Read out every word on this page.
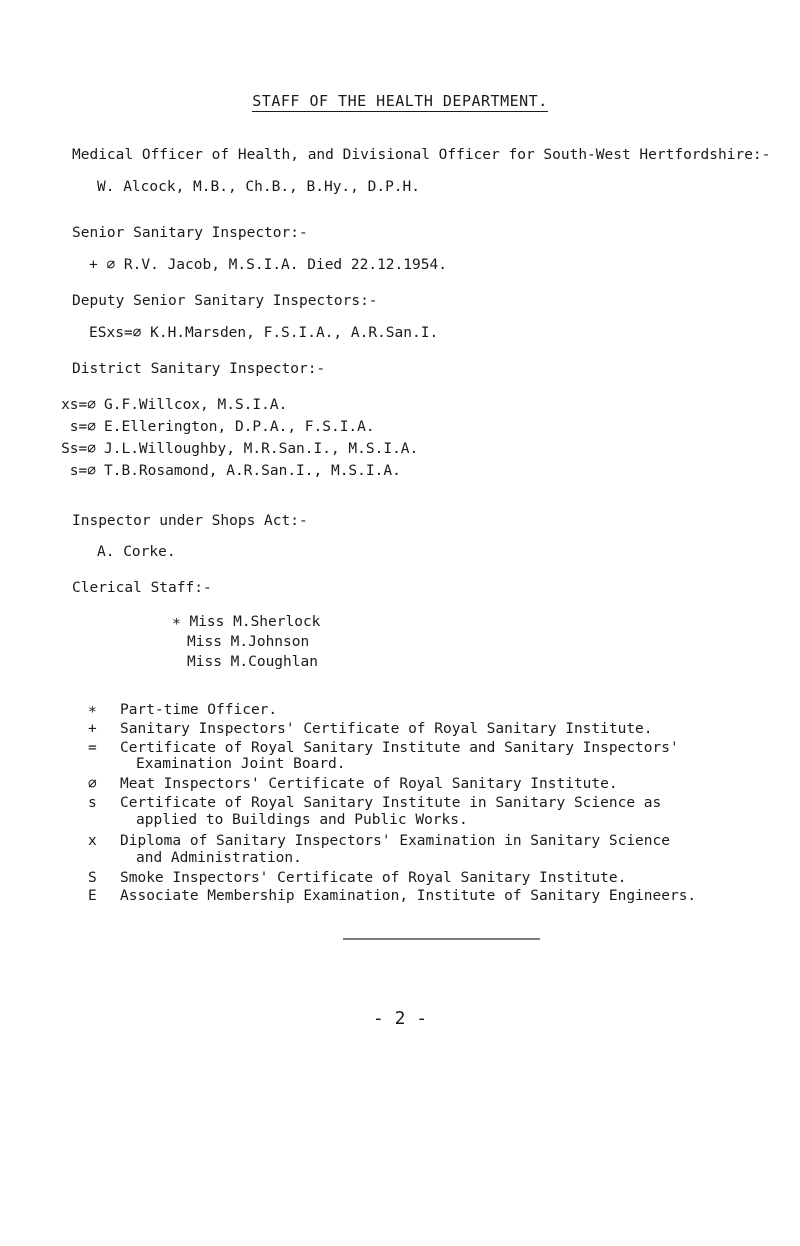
STAFF OF THE HEALTH DEPARTMENT.
Medical Officer of Health, and Divisional Officer for South-West Hertfordshire:-
W. Alcock, M.B., Ch.B., B.Hy., D.P.H.
Senior Sanitary Inspector:-
+ ∅ R.V. Jacob, M.S.I.A. Died 22.12.1954.
Deputy Senior Sanitary Inspectors:-
ESxs=∅ K.H.Marsden, F.S.I.A., A.R.San.I.
District Sanitary Inspector:-
xs=∅ G.F.Willcox, M.S.I.A.
s=∅ E.Ellerington, D.P.A., F.S.I.A.
Ss=∅ J.L.Willoughby, M.R.San.I., M.S.I.A.
s=∅ T.B.Rosamond, A.R.San.I., M.S.I.A.
Inspector under Shops Act:-
A. Corke.
Clerical Staff:-
∗ Miss M.Sherlock
Miss M.Johnson
Miss M.Coughlan
∗ Part-time Officer.
+ Sanitary Inspectors' Certificate of Royal Sanitary Institute.
= Certificate of Royal Sanitary Institute and Sanitary Inspectors'
Examination Joint Board.
∅ Meat Inspectors' Certificate of Royal Sanitary Institute.
s Certificate of Royal Sanitary Institute in Sanitary Science as
applied to Buildings and Public Works.
x Diploma of Sanitary Inspectors' Examination in Sanitary Science
and Administration.
S Smoke Inspectors' Certificate of Royal Sanitary Institute.
E Associate Membership Examination, Institute of Sanitary Engineers.
- 2 -
